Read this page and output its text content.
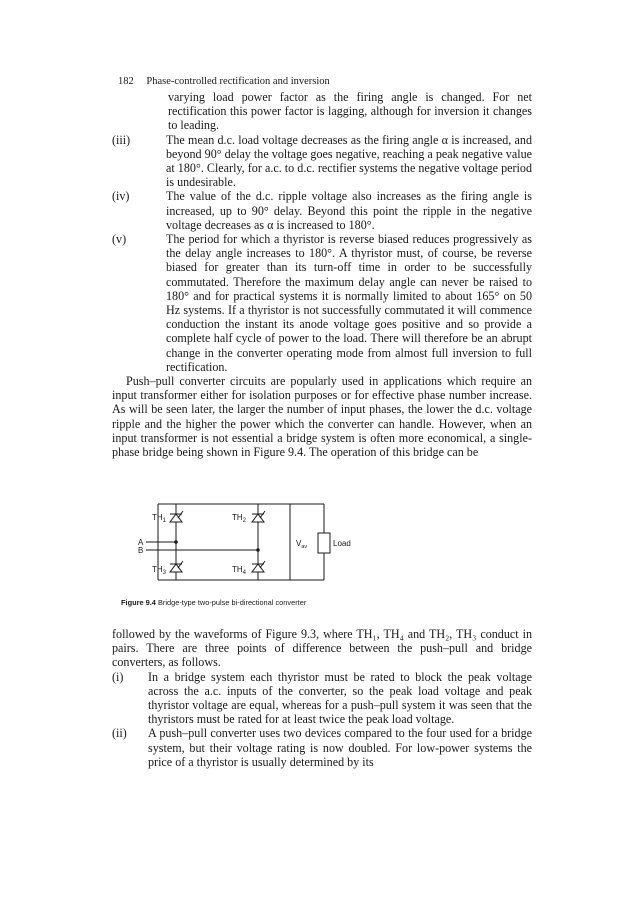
182 Phase-controlled rectification and inversion
varying load power factor as the firing angle is changed. For net rectification this power factor is lagging, although for inversion it changes to leading.
(iii)	The mean d.c. load voltage decreases as the firing angle α is increased, and beyond 90° delay the voltage goes negative, reaching a peak negative value at 180°. Clearly, for a.c. to d.c. rectifier systems the negative voltage period is undesirable.
(iv)	The value of the d.c. ripple voltage also increases as the firing angle is increased, up to 90° delay. Beyond this point the ripple in the negative voltage decreases as α is increased to 180°.
(v)	The period for which a thyristor is reverse biased reduces progressively as the delay angle increases to 180°. A thyristor must, of course, be reverse biased for greater than its turn-off time in order to be successfully commutated. Therefore the maximum delay angle can never be raised to 180° and for practical systems it is normally limited to about 165° on 50 Hz systems. If a thyristor is not successfully commutated it will commence conduction the instant its anode voltage goes positive and so provide a complete half cycle of power to the load. There will therefore be an abrupt change in the converter operating mode from almost full inversion to full rectification.
Push–pull converter circuits are popularly used in applications which require an input transformer either for isolation purposes or for effective phase number increase. As will be seen later, the larger the number of input phases, the lower the d.c. voltage ripple and the higher the power which the converter can handle. However, when an input transformer is not essential a bridge system is often more economical, a single-phase bridge being shown in Figure 9.4. The operation of this bridge can be
$TH_1$	$TH_2$
$TH_3$	$TH_4$
A
B
$V_{av}$	Load
Figure 9.4 Bridge-type two-pulse bi-directional converter
followed by the waveforms of Figure 9.3, where TH₁, TH₄ and TH₂, TH₃ conduct in pairs. There are three points of difference between the push–pull and bridge converters, as follows.
(i)	In a bridge system each thyristor must be rated to block the peak voltage across the a.c. inputs of the converter, so the peak load voltage and peak thyristor voltage are equal, whereas for a push–pull system it was seen that the thyristors must be rated for at least twice the peak load voltage.
(ii)	A push–pull converter uses two devices compared to the four used for a bridge system, but their voltage rating is now doubled. For low-power systems the price of a thyristor is usually determined by its
